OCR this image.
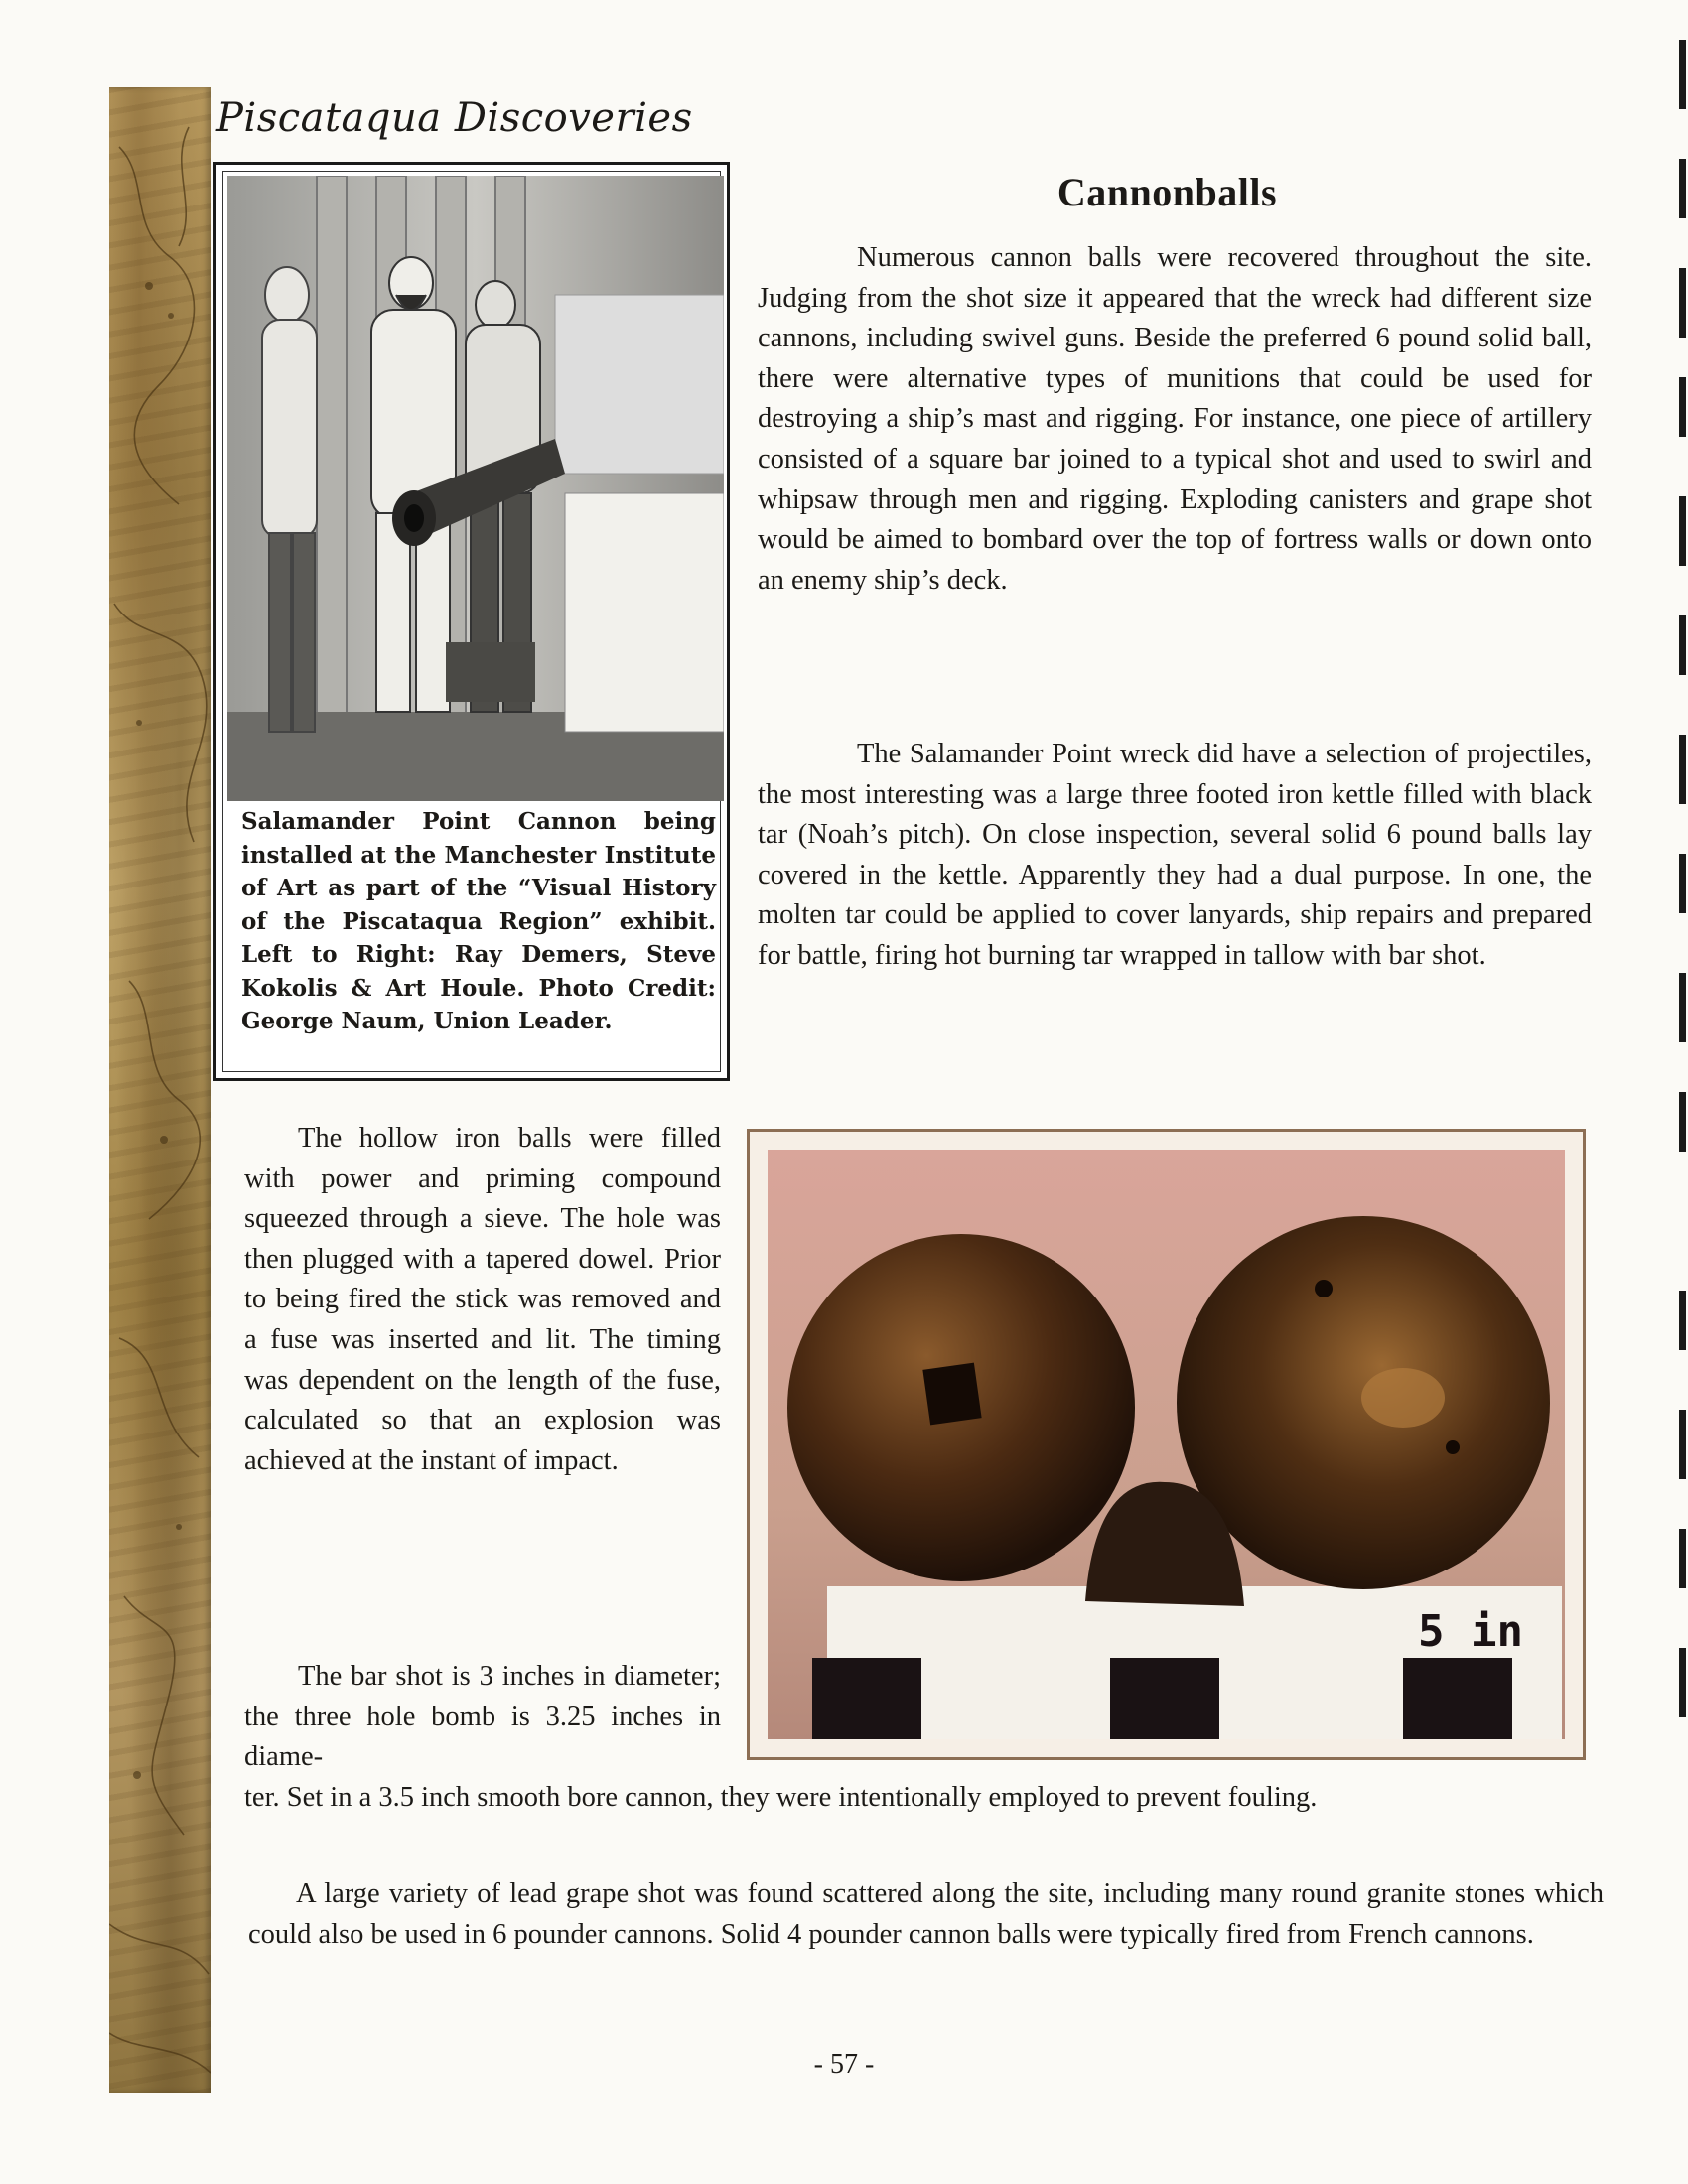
Piscataqua Discoveries

Salamander Point Cannon being installed at the Manchester Institute of Art as part of the “Visual History of the Piscataqua Region” exhibit. Left to Right: Ray Demers, Steve Kokolis & Art Houle. Photo Credit: George Naum, Union Leader.

Cannonballs

Numerous cannon balls were recovered throughout the site. Judging from the shot size it appeared that the wreck had different size cannons, including swivel guns. Beside the preferred 6 pound solid ball, there were alternative types of munitions that could be used for destroying a ship’s mast and rigging. For instance, one piece of artillery consisted of a square bar joined to a typical shot and used to swirl and whipsaw through men and rigging. Exploding canisters and grape shot would be aimed to bombard over the top of fortress walls or down onto an enemy ship’s deck.

The Salamander Point wreck did have a selection of projectiles, the most interesting was a large three footed iron kettle filled with black tar (Noah’s pitch). On close inspection, several solid 6 pound balls lay covered in the kettle. Apparently they had a dual purpose. In one, the molten tar could be applied to cover lanyards, ship repairs and prepared for battle, firing hot burning tar wrapped in tallow with bar shot.

The hollow iron balls were filled with power and priming compound squeezed through a sieve. The hole was then plugged with a tapered dowel. Prior to being fired the stick was removed and a fuse was inserted and lit. The timing was dependent on the length of the fuse, calculated so that an explosion was achieved at the instant of impact.

The bar shot is 3 inches in diameter; the three hole bomb is 3.25 inches in diame-

ter. Set in a 3.5 inch smooth bore cannon, they were intentionally employed to prevent fouling.

A large variety of lead grape shot was found scattered along the site, including many round granite stones which could also be used in 6 pounder cannons. Solid 4 pounder cannon balls were typically fired from French cannons.

5 in

- 57 -
